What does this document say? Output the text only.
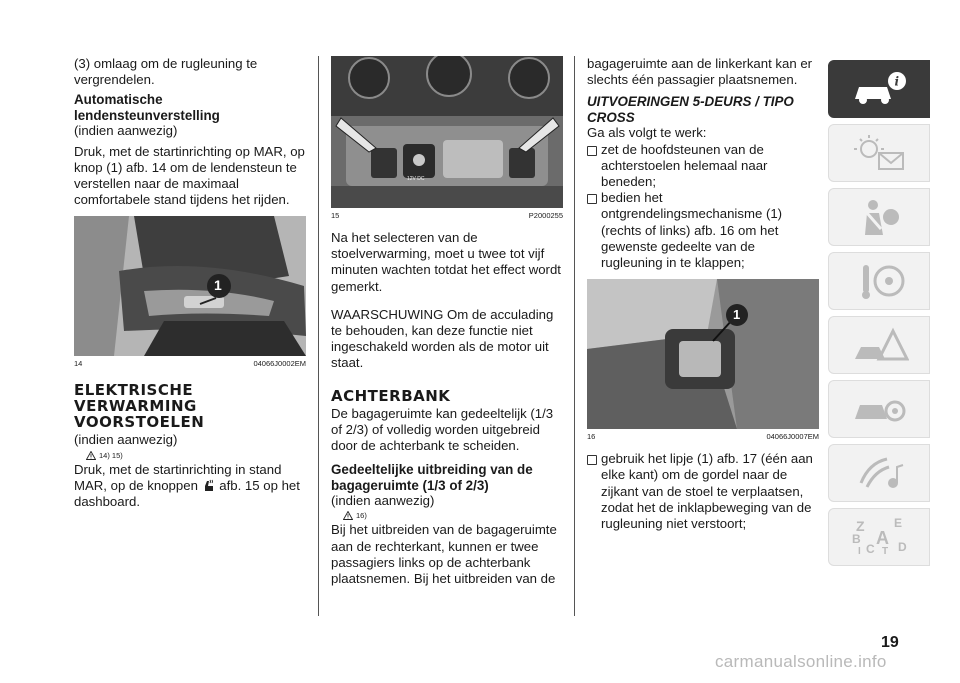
(3) omlaag om de rugleuning te vergrendelen.

Automatische lendensteunverstelling

(indien aanwezig)

Druk, met de startinrichting op MAR, op knop (1) afb. 14 om de lendensteun te verstellen naar de maximaal comfortabele stand tijdens het rijden.

1
14	04066J0002EM
ELEKTRISCHE VERWARMING VOORSTOELEN

(indien aanwezig)

14) 15)

Druk, met de startinrichting in stand MAR, op de knoppen afb. 15 op het dashboard.

12V DC
15	P2000255

Na het selecteren van de stoelverwarming, moet u twee tot vijf minuten wachten totdat het effect wordt gemerkt.

WAARSCHUWING Om de acculading te behouden, kan deze functie niet ingeschakeld worden als de motor uit staat.

ACHTERBANK

De bagageruimte kan gedeeltelijk (1/3 of 2/3) of volledig worden uitgebreid door de achterbank te scheiden.

Gedeeltelijke uitbreiding van de bagageruimte (1/3 of 2/3)

(indien aanwezig)

16)

Bij het uitbreiden van de bagageruimte aan de rechterkant, kunnen er twee passagiers links op de achterbank plaatsnemen. Bij het uitbreiden van de

bagageruimte aan de linkerkant kan er slechts één passagier plaatsnemen.

UITVOERINGEN 5-DEURS / TIPO CROSS

Ga als volgt te werk:

zet de hoofdsteunen van de achterstoelen helemaal naar beneden;

bedien het ontgrendelingsmechanisme (1) (rechts of links) afb. 16 om het gewenste gedeelte van de rugleuning in te klappen;

1
16	04066J0007EM

gebruik het lipje (1) afb. 17 (één aan elke kant) om de gordel naar de zijkant van de stoel te verplaatsen, zodat het de inklapbeweging van de rugleuning niet verstoort;

i
Z E
B A
C T D
I
19
carmanualsonline.info
